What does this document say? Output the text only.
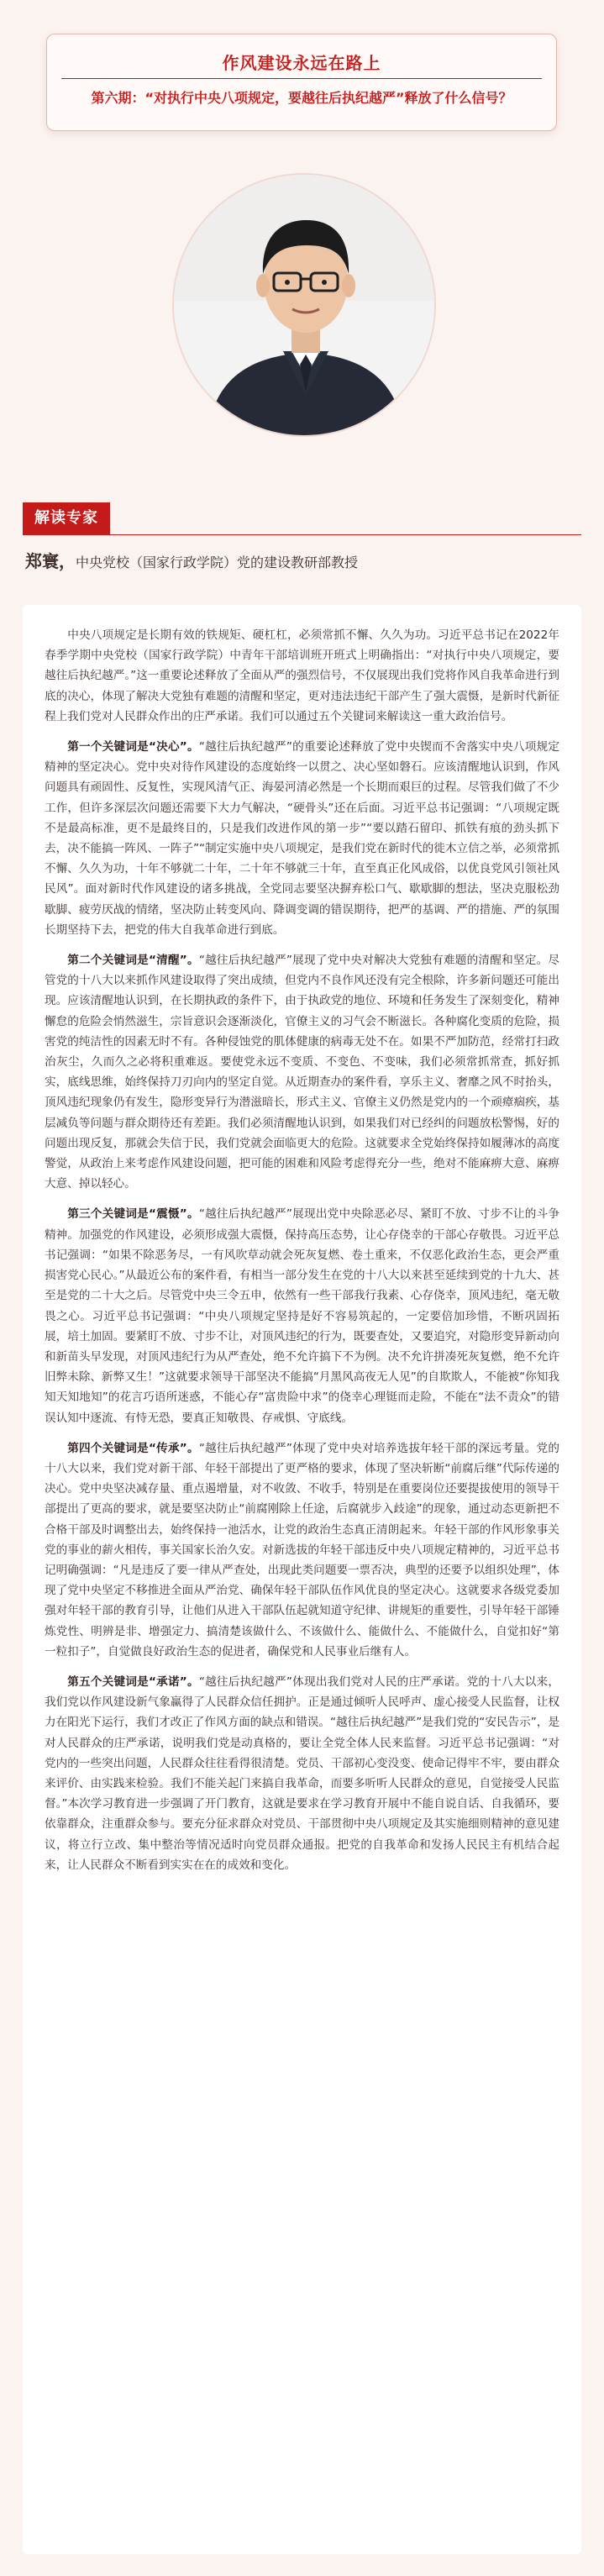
作风建设永远在路上
第六期：“对执行中央八项规定，要越往后执纪越严”释放了什么信号？
解读专家
郑寰，中央党校（国家行政学院）党的建设教研部教授

中央八项规定是长期有效的铁规矩、硬杠杠，必须常抓不懈、久久为功。习近平总书记在2022年春季学期中央党校（国家行政学院）中青年干部培训班开班式上明确指出：“对执行中央八项规定，要越往后执纪越严。”这一重要论述释放了全面从严的强烈信号，不仅展现出我们党将作风自我革命进行到底的决心，体现了解决大党独有难题的清醒和坚定，更对违法违纪干部产生了强大震慑，是新时代新征程上我们党对人民群众作出的庄严承诺。我们可以通过五个关键词来解读这一重大政治信号。

第一个关键词是“决心”。“越往后执纪越严”的重要论述释放了党中央锲而不舍落实中央八项规定精神的坚定决心。党中央对待作风建设的态度始终一以贯之、决心坚如磐石。应该清醒地认识到，作风问题具有顽固性、反复性，实现风清气正、海晏河清必然是一个长期而艰巨的过程。尽管我们做了不少工作，但许多深层次问题还需要下大力气解决，“硬骨头”还在后面。习近平总书记强调：“八项规定既不是最高标准，更不是最终目的，只是我们改进作风的第一步”“要以踏石留印、抓铁有痕的劲头抓下去，决不能搞一阵风、一阵子”“制定实施中央八项规定，是我们党在新时代的徙木立信之举，必须常抓不懈、久久为功，十年不够就二十年，二十年不够就三十年，直至真正化风成俗，以优良党风引领社风民风”。面对新时代作风建设的诸多挑战，全党同志要坚决摒弃松口气、歇歇脚的想法，坚决克服松劲歇脚、疲劳厌战的情绪，坚决防止转变风向、降调变调的错误期待，把严的基调、严的措施、严的氛围长期坚持下去，把党的伟大自我革命进行到底。

第二个关键词是“清醒”。“越往后执纪越严”展现了党中央对解决大党独有难题的清醒和坚定。尽管党的十八大以来抓作风建设取得了突出成绩，但党内不良作风还没有完全根除，许多新问题还可能出现。应该清醒地认识到，在长期执政的条件下，由于执政党的地位、环境和任务发生了深刻变化，精神懈怠的危险会悄然滋生，宗旨意识会逐渐淡化，官僚主义的习气会不断滋长。各种腐化变质的危险，损害党的纯洁性的因素无时不有。各种侵蚀党的肌体健康的病毒无处不在。如果不严加防范，经常打扫政治灰尘，久而久之必将积重难返。要使党永远不变质、不变色、不变味，我们必须常抓常查，抓好抓实，底线思维，始终保持刀刃向内的坚定自觉。从近期查办的案件看，享乐主义、奢靡之风不时抬头，顶风违纪现象仍有发生，隐形变异行为潜滋暗长，形式主义、官僚主义仍然是党内的一个顽瘴痼疾，基层减负等问题与群众期待还有差距。我们必须清醒地认识到，如果我们对已经纠的问题放松警惕，好的问题出现反复，那就会失信于民，我们党就会面临更大的危险。这就要求全党始终保持如履薄冰的高度警觉，从政治上来考虑作风建设问题，把可能的困难和风险考虑得充分一些，绝对不能麻痹大意、麻痹大意、掉以轻心。

第三个关键词是“震慑”。“越往后执纪越严”展现出党中央除恶必尽、紧盯不放、寸步不让的斗争精神。加强党的作风建设，必须形成强大震慑，保持高压态势，让心存侥幸的干部心存敬畏。习近平总书记强调：“如果不除恶务尽，一有风吹草动就会死灰复燃、卷土重来，不仅恶化政治生态，更会严重损害党心民心。”从最近公布的案件看，有相当一部分发生在党的十八大以来甚至延续到党的十九大、甚至是党的二十大之后。尽管党中央三令五申，依然有一些干部我行我素、心存侥幸，顶风违纪，毫无敬畏之心。习近平总书记强调：“中央八项规定坚持是好不容易筑起的，一定要倍加珍惜，不断巩固拓展，培土加固。要紧盯不放、寸步不让，对顶风违纪的行为，既要查处，又要追究，对隐形变异新动向和新苗头早发现，对顶风违纪行为从严查处，绝不允许搞下不为例。决不允许拼凑死灰复燃，绝不允许旧弊未除、新弊又生！”这就要求领导干部坚决不能搞“月黑风高夜无人见”的自欺欺人，不能被“你知我知天知地知”的花言巧语所迷惑，不能心存“富贵险中求”的侥幸心理铤而走险，不能在“法不责众”的错误认知中逐流、有恃无恐，要真正知敬畏、存戒惧、守底线。

第四个关键词是“传承”。“越往后执纪越严”体现了党中央对培养选拔年轻干部的深远考量。党的十八大以来，我们党对新干部、年轻干部提出了更严格的要求，体现了坚决斩断“前腐后继”代际传递的决心。党中央坚决减存量、重点遏增量，对不收敛、不收手，特别是在重要岗位还要提拔使用的领导干部提出了更高的要求，就是要坚决防止“前腐刚除上任途，后腐就步入歧途”的现象，通过动态更新把不合格干部及时调整出去，始终保持一池活水，让党的政治生态真正清朗起来。年轻干部的作风形象事关党的事业的薪火相传，事关国家长治久安。对新选拔的年轻干部违反中央八项规定精神的，习近平总书记明确强调：“凡是违反了要一律从严查处，出现此类问题要一票否决，典型的还要予以组织处理”，体现了党中央坚定不移推进全面从严治党、确保年轻干部队伍作风优良的坚定决心。这就要求各级党委加强对年轻干部的教育引导，让他们从进入干部队伍起就知道守纪律、讲规矩的重要性，引导年轻干部锤炼党性、明辨是非、增强定力、搞清楚该做什么、不该做什么、能做什么、不能做什么，自觉扣好“第一粒扣子”，自觉做良好政治生态的促进者，确保党和人民事业后继有人。

第五个关键词是“承诺”。“越往后执纪越严”体现出我们党对人民的庄严承诺。党的十八大以来，我们党以作风建设新气象赢得了人民群众信任拥护。正是通过倾听人民呼声、虚心接受人民监督，让权力在阳光下运行，我们才改正了作风方面的缺点和错误。“越往后执纪越严”是我们党的“安民告示”，是对人民群众的庄严承诺，说明我们党是动真格的，要让全党全体人民来监督。习近平总书记强调：“对党内的一些突出问题，人民群众往往看得很清楚。党员、干部初心变没变、使命记得牢不牢，要由群众来评价、由实践来检验。我们不能关起门来搞自我革命，而要多听听人民群众的意见，自觉接受人民监督。”本次学习教育进一步强调了开门教育，这就是要求在学习教育开展中不能自说自话、自我循环，要依靠群众，注重群众参与。要充分征求群众对党员、干部贯彻中央八项规定及其实施细则精神的意见建议，将立行立改、集中整治等情况适时向党员群众通报。把党的自我革命和发扬人民民主有机结合起来，让人民群众不断看到实实在在的成效和变化。
